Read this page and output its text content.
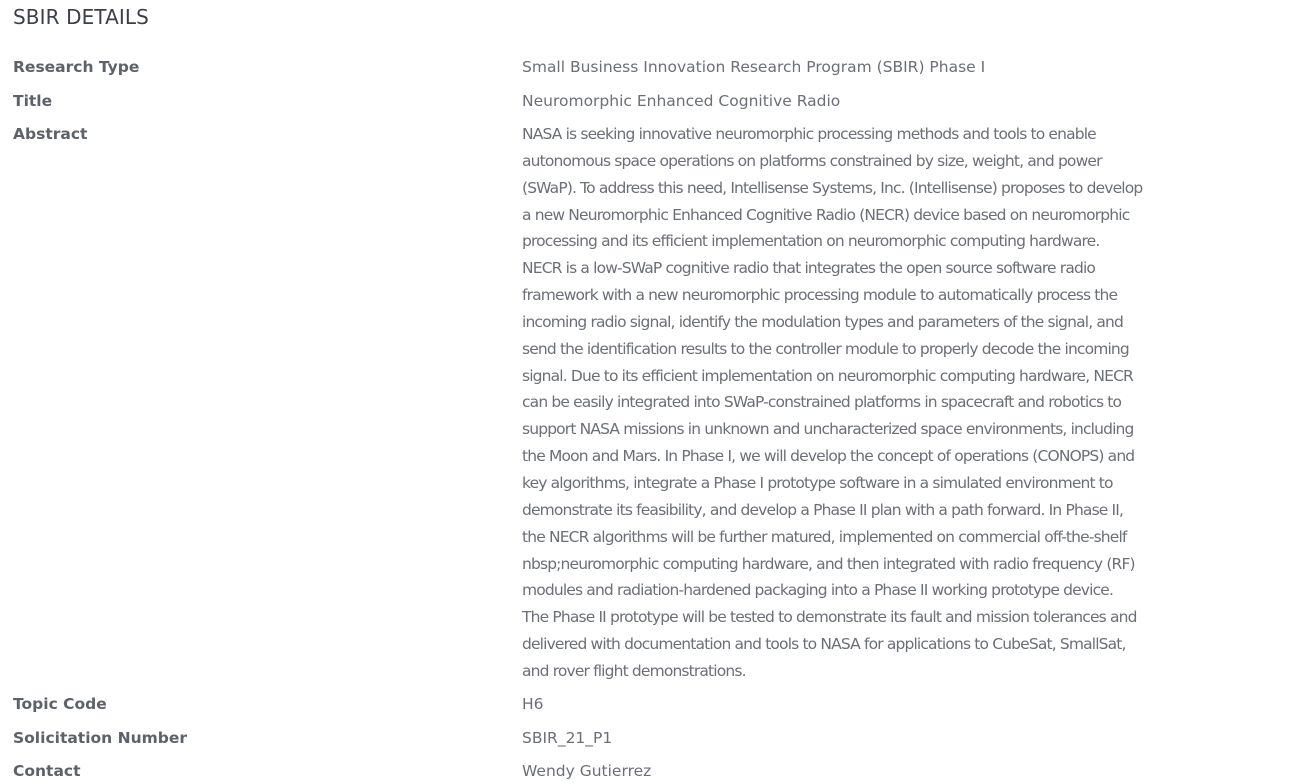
SBIR DETAILS
Research Type	Small Business Innovation Research Program (SBIR) Phase I
Title	Neuromorphic Enhanced Cognitive Radio
Abstract	NASA is seeking innovative neuromorphic processing methods and tools to enable
autonomous space operations on platforms constrained by size, weight, and power
(SWaP). To address this need, Intellisense Systems, Inc. (Intellisense) proposes to develop
a new Neuromorphic Enhanced Cognitive Radio (NECR) device based on neuromorphic
processing and its efficient implementation on neuromorphic computing hardware.
NECR is a low-SWaP cognitive radio that integrates the open source software radio
framework with a new neuromorphic processing module to automatically process the
incoming radio signal, identify the modulation types and parameters of the signal, and
send the identification results to the controller module to properly decode the incoming
signal. Due to its efficient implementation on neuromorphic computing hardware, NECR
can be easily integrated into SWaP-constrained platforms in spacecraft and robotics to
support NASA missions in unknown and uncharacterized space environments, including
the Moon and Mars. In Phase I, we will develop the concept of operations (CONOPS) and
key algorithms, integrate a Phase I prototype software in a simulated environment to
demonstrate its feasibility, and develop a Phase II plan with a path forward. In Phase II,
the NECR algorithms will be further matured, implemented on commercial off-the-shelf
nbsp;neuromorphic computing hardware, and then integrated with radio frequency (RF)
modules and radiation-hardened packaging into a Phase II working prototype device.
The Phase II prototype will be tested to demonstrate its fault and mission tolerances and
delivered with documentation and tools to NASA for applications to CubeSat, SmallSat,
and rover flight demonstrations.
Topic Code	H6
Solicitation Number	SBIR_21_P1
Contact	Wendy Gutierrez
